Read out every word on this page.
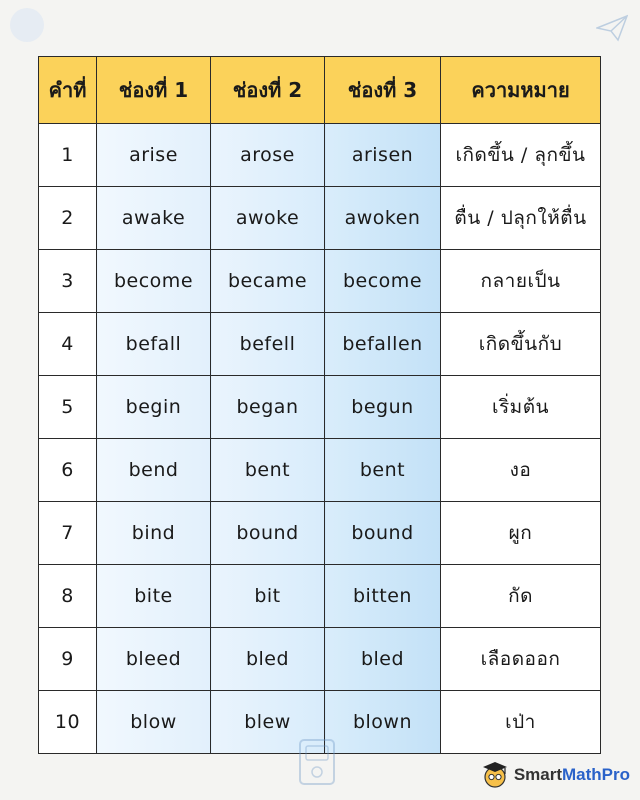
คำที่	ช่องที่ 1	ช่องที่ 2	ช่องที่ 3	ความหมาย
1	arise	arose	arisen	เกิดขึ้น / ลุกขึ้น
2	awake	awoke	awoken	ตื่น / ปลุกให้ตื่น
3	become	became	become	กลายเป็น
4	befall	befell	befallen	เกิดขึ้นกับ
5	begin	began	begun	เริ่มต้น
6	bend	bent	bent	งอ
7	bind	bound	bound	ผูก
8	bite	bit	bitten	กัด
9	bleed	bled	bled	เลือดออก
10	blow	blew	blown	เป่า
SmartMathPro
